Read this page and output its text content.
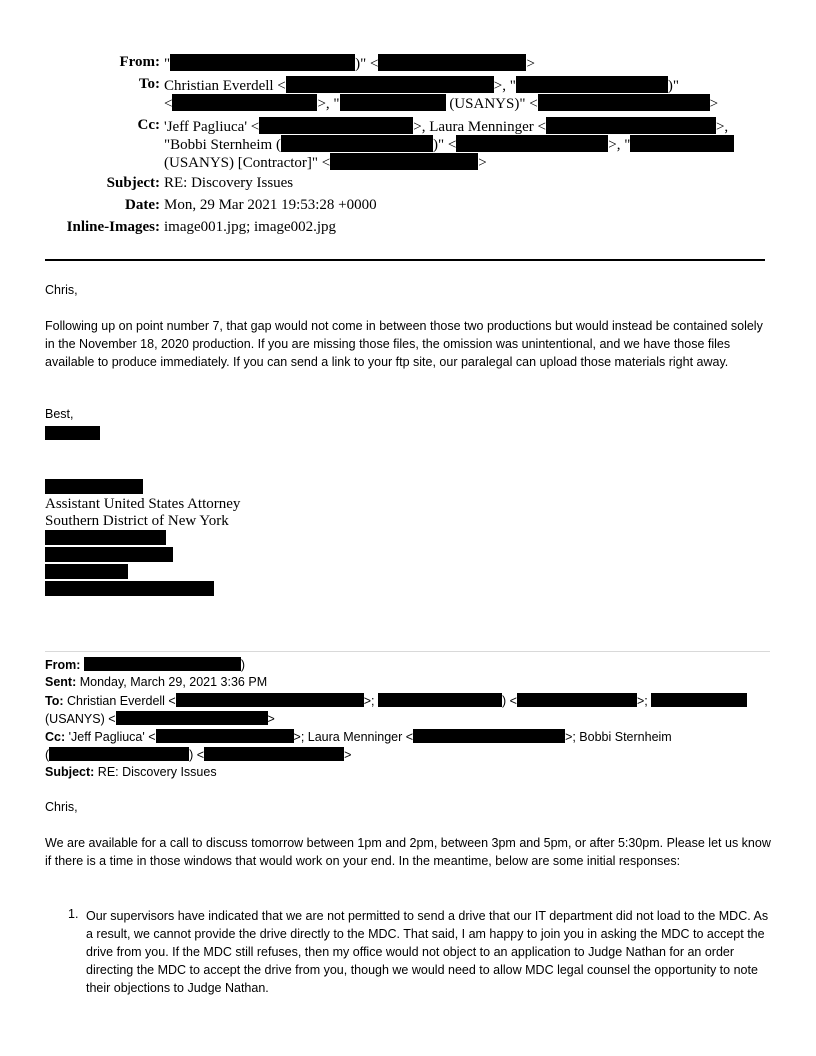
From: "	)" <	>
To: Christian Everdell <	>, "	)"
<	>, "	(USANYS)" <	>
Cc: 'Jeff Pagliuca' <	>, Laura Menninger <	>,
"Bobbi Sternheim (	)" <	>, "
(USANYS) [Contractor]" <	>
Subject: RE: Discovery Issues
Date: Mon, 29 Mar 2021 19:53:28 +0000
Inline-Images: image001.jpg; image002.jpg
Chris,
Following up on point number 7, that gap would not come in between those two productions but would instead be contained solely in the November 18, 2020 production. If you are missing those files, the omission was unintentional, and we have those files available to produce immediately. If you can send a link to your ftp site, our paralegal can upload those materials right away.
Best,
Assistant United States Attorney
Southern District of New York
From:	)
Sent: Monday, March 29, 2021 3:36 PM
To: Christian Everdell <	>;	) <	>;
(USANYS) <	>
Cc: 'Jeff Pagliuca' <	>; Laura Menninger <	>; Bobbi Sternheim
(	) <	>
Subject: RE: Discovery Issues
Chris,
We are available for a call to discuss tomorrow between 1pm and 2pm, between 3pm and 5pm, or after 5:30pm. Please let us know if there is a time in those windows that would work on your end. In the meantime, below are some initial responses:
1. Our supervisors have indicated that we are not permitted to send a drive that our IT department did not load to the MDC. As a result, we cannot provide the drive directly to the MDC. That said, I am happy to join you in asking the MDC to accept the drive from you. If the MDC still refuses, then my office would not object to an application to Judge Nathan for an order directing the MDC to accept the drive from you, though we would need to allow MDC legal counsel the opportunity to note their objections to Judge Nathan.
